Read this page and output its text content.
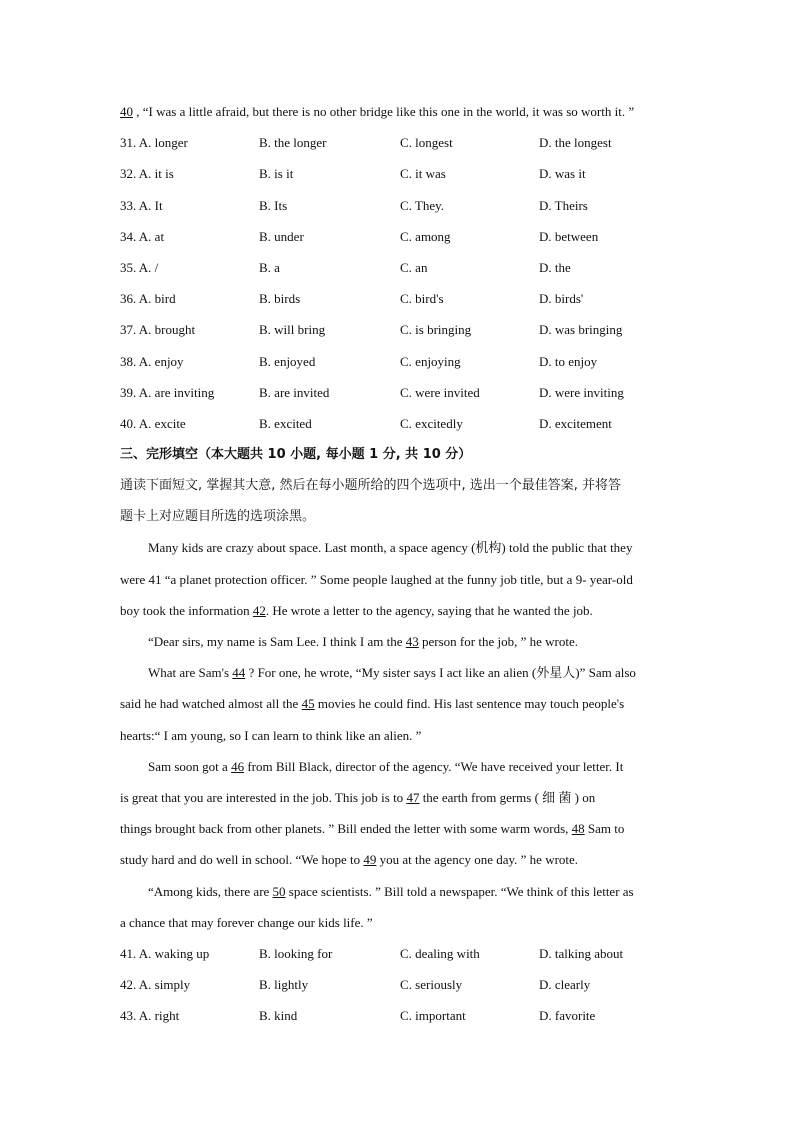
40 , “I was a little afraid, but there is no other bridge like this one in the world, it was so worth it. ”
31. A. longer	B. the longer	C. longest	D. the longest
32. A. it is	B. is it	C. it was	D. was it
33. A. It	B. Its	C. They.	D. Theirs
34. A. at	B. under	C. among	D. between
35. A. /	B. a	C. an	D. the
36. A. bird	B. birds	C. bird's	D. birds'
37. A. brought	B. will bring	C. is bringing	D. was bringing
38. A. enjoy	B. enjoyed	C. enjoying	D. to enjoy
39. A. are inviting	B. are invited	C. were invited	D. were inviting
40. A. excite	B. excited	C. excitedly	D. excitement
三、完形填空（本大题共 10 小题, 每小题 1 分, 共 10 分）
通读下面短文, 掌握其大意, 然后在每小题所给的四个选项中, 选出一个最佳答案, 并将答
题卡上对应题目所选的选项涂黑。
Many kids are crazy about space. Last month, a space agency (机构) told the public that they
were 41 “a planet protection officer. ” Some people laughed at the funny job title, but a 9- year-old
boy took the information 42. He wrote a letter to the agency, saying that he wanted the job.
“Dear sirs, my name is Sam Lee. I think I am the 43 person for the job, ” he wrote.
What are Sam's 44 ? For one, he wrote, “My sister says I act like an alien (外星人)” Sam also
said he had watched almost all the 45 movies he could find. His last sentence may touch people's
hearts:“ I am young, so I can learn to think like an alien. ”
Sam soon got a 46 from Bill Black, director of the agency. “We have received your letter. It
is great that you are interested in the job. This job is to 47 the earth from germs ( 细 菌 ) on
things brought back from other planets. ” Bill ended the letter with some warm words, 48 Sam to
study hard and do well in school. “We hope to 49 you at the agency one day. ” he wrote.
“Among kids, there are 50 space scientists. ” Bill told a newspaper. “We think of this letter as
a chance that may forever change our kids life. ”
41. A. waking up	B. looking for	C. dealing with	D. talking about
42. A. simply	B. lightly	C. seriously	D. clearly
43. A. right	B. kind	C. important	D. favorite
